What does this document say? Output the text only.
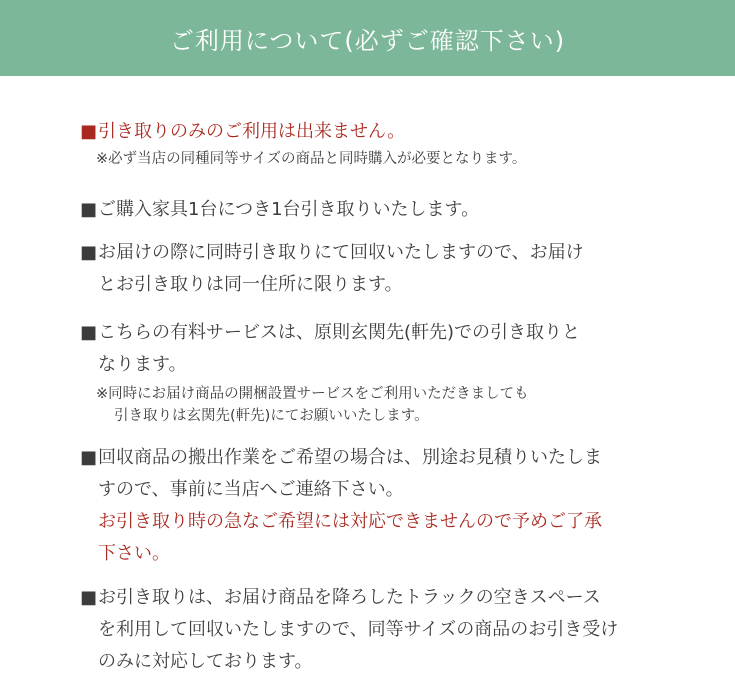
ご利用について(必ずご確認下さい)
■引き取りのみのご利用は出来ません。
※必ず当店の同種同等サイズの商品と同時購入が必要となります。
■ご購入家具1台につき1台引き取りいたします。
■お届けの際に同時引き取りにて回収いたしますので、お届け
とお引き取りは同一住所に限ります。
■こちらの有料サービスは、原則玄関先(軒先)での引き取りと
なります。
※同時にお届け商品の開梱設置サービスをご利用いただきましても
引き取りは玄関先(軒先)にてお願いいたします。
■回収商品の搬出作業をご希望の場合は、別途お見積りいたしま
すので、事前に当店へご連絡下さい。
お引き取り時の急なご希望には対応できませんので予めご了承
下さい。
■お引き取りは、お届け商品を降ろしたトラックの空きスペース
を利用して回収いたしますので、同等サイズの商品のお引き受け
のみに対応しております。
